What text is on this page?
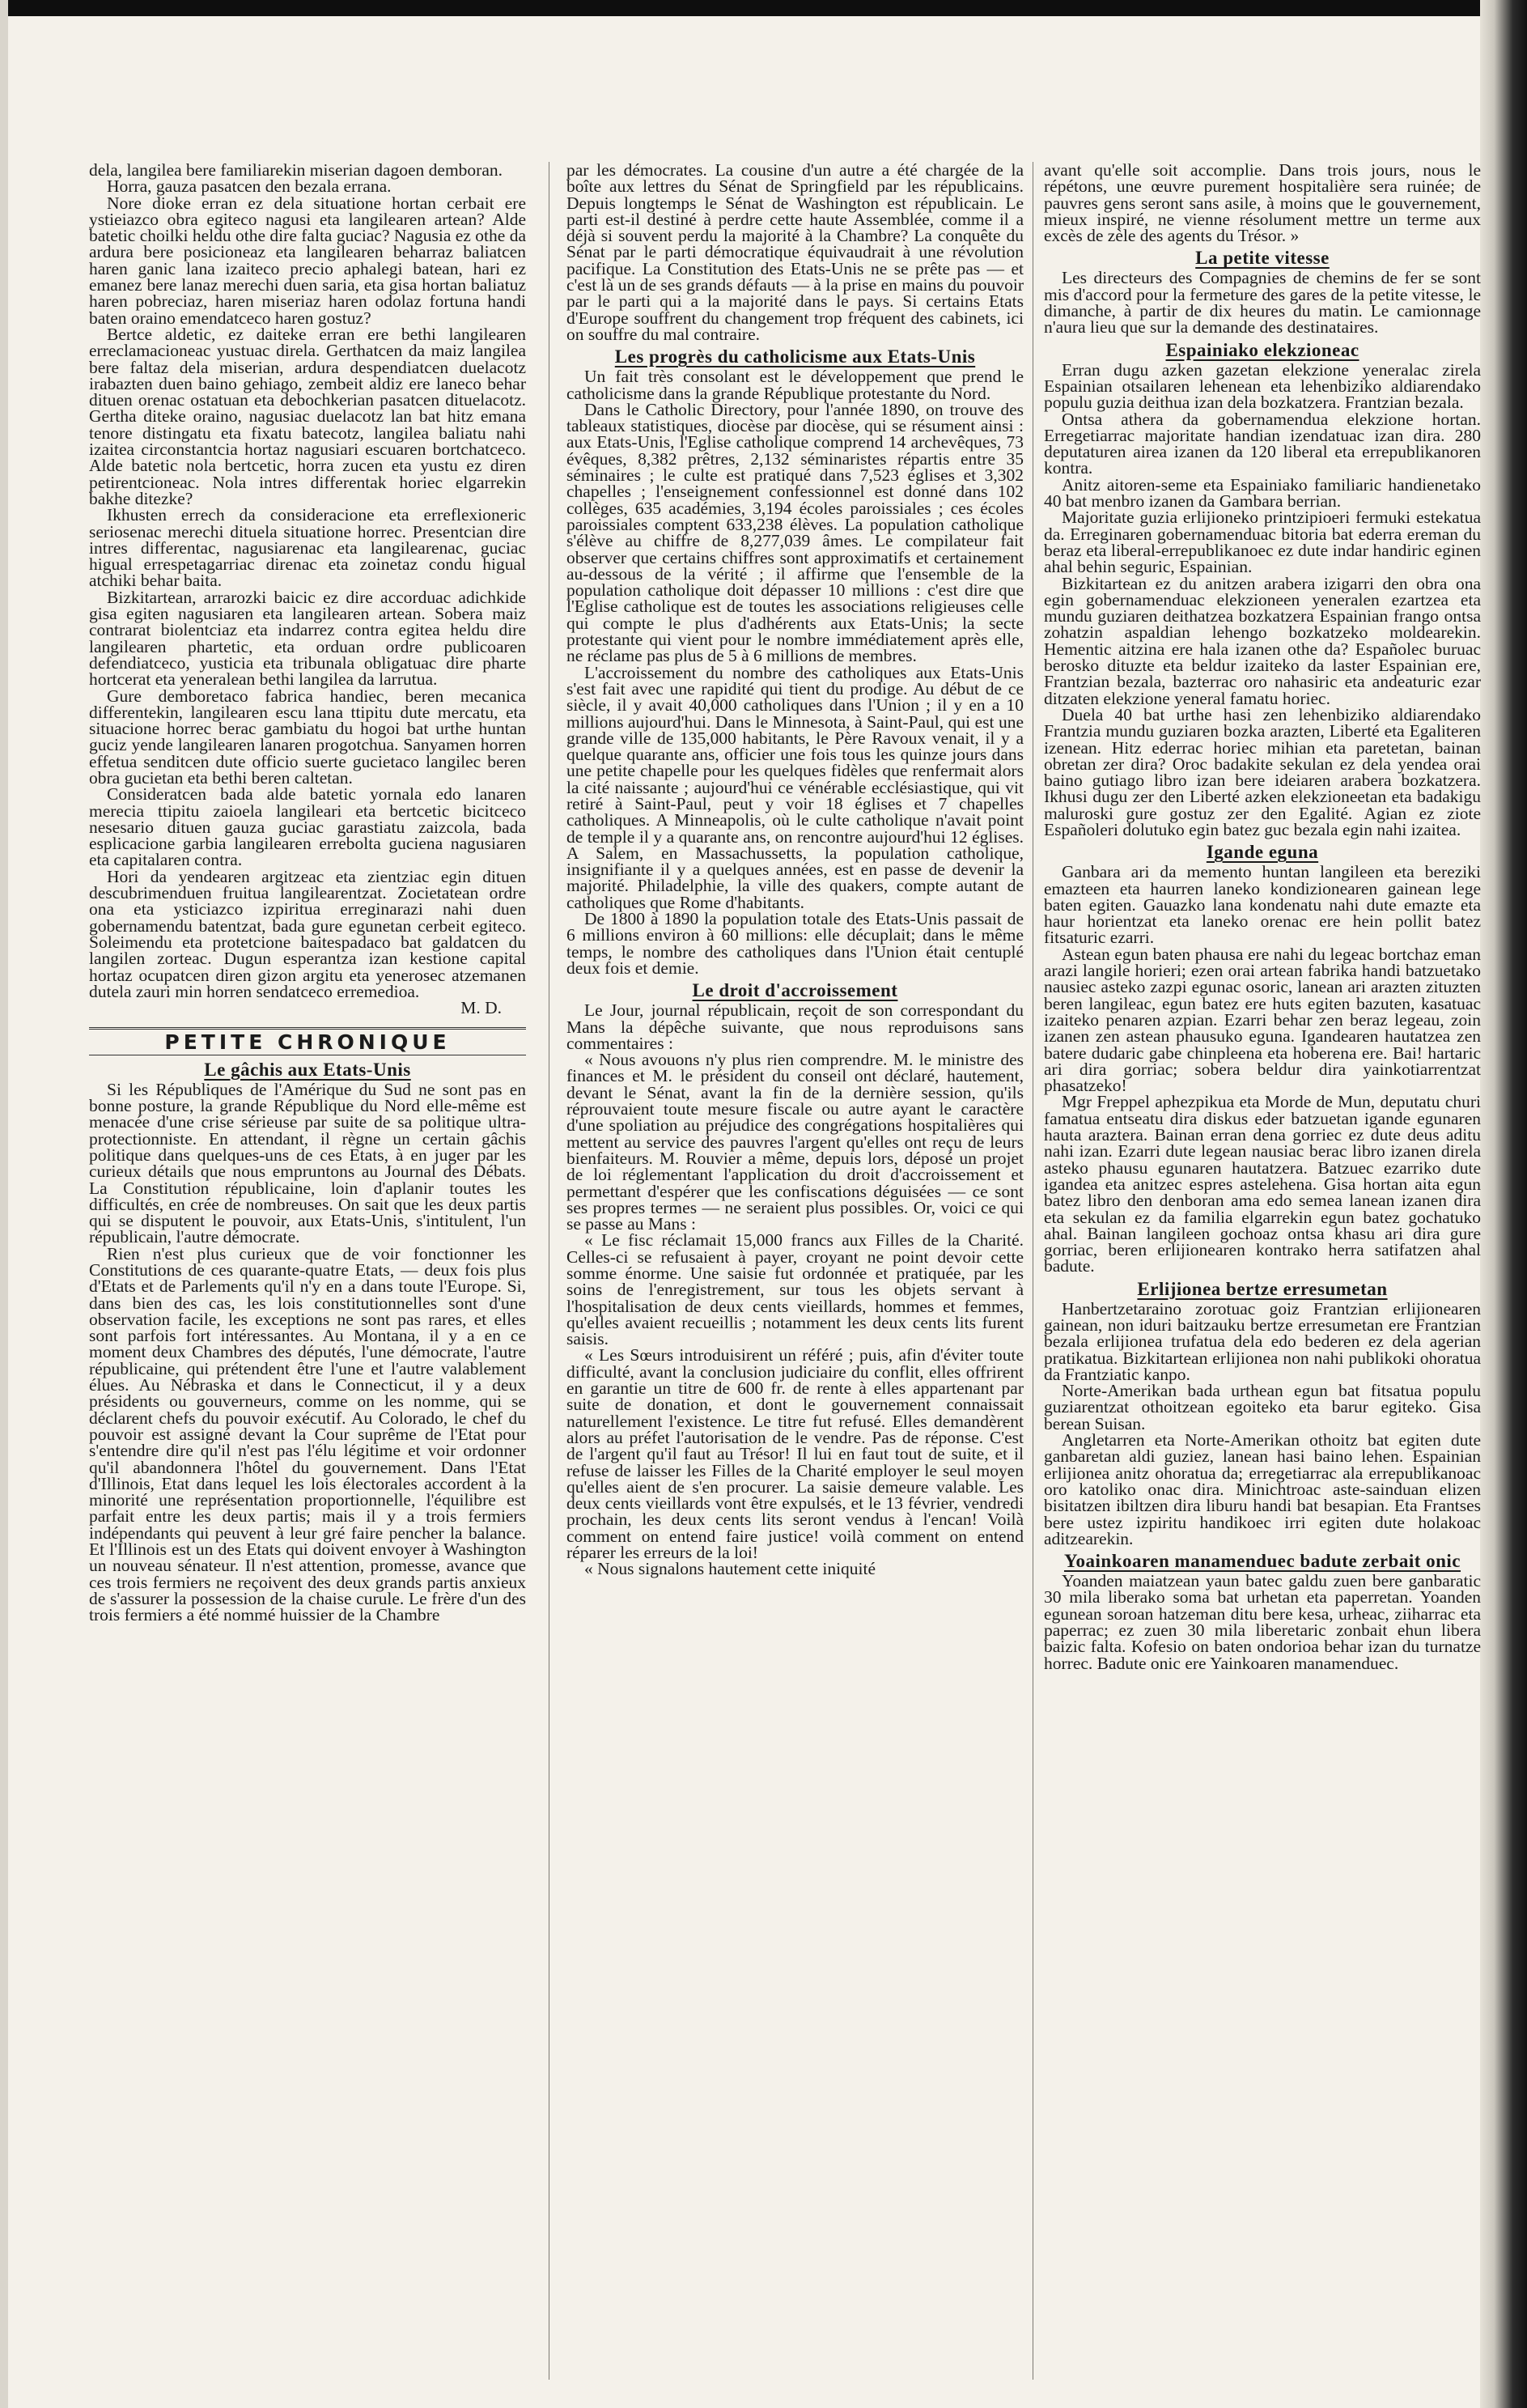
dela, langilea bere familiarekin miserian dagoen demboran.

Horra, gauza pasatcen den bezala errana.

Nore dioke erran ez dela situatione hortan cerbait ere ystieiazco obra egiteco nagusi eta langilearen artean? Alde batetic choilki heldu othe dire falta guciac? Nagusia ez othe da ardura bere posicioneaz eta langilearen beharraz baliatcen haren ganic lana izaiteco precio aphalegi batean, hari ez emanez bere lanaz merechi duen saria, eta gisa hortan baliatuz haren pobreciaz, haren miseriaz haren odolaz fortuna handi baten oraino emendatceco haren gostuz?

Bertce aldetic, ez daiteke erran ere bethi langilearen erreclamacioneac yustuac direla. Gerthatcen da maiz langilea bere faltaz dela miserian, ardura despendiatcen duelacotz irabazten duen baino gehiago, zembeit aldiz ere laneco behar dituen orenac ostatuan eta debochkerian pasatcen dituelacotz. Gertha diteke oraino, nagusiac duelacotz lan bat hitz emana tenore distingatu eta fixatu batecotz, langilea baliatu nahi izaitea circonstantcia hortaz nagusiari escuaren bortchatceco. Alde batetic nola bertcetic, horra zucen eta yustu ez diren petirentcioneac. Nola intres differentak horiec elgarrekin bakhe ditezke?

Ikhusten errech da consideracione eta erreflexioneric seriosenac merechi dituela situatione horrec. Presentcian dire intres differentac, nagusiarenac eta langilearenac, guciac higual errespetagarriac direnac eta zoinetaz condu higual atchiki behar baita.

Bizkitartean, arrarozki baicic ez dire accorduac adichkide gisa egiten nagusiaren eta langilearen artean. Sobera maiz contrarat biolentciaz eta indarrez contra egitea heldu dire langilearen phartetic, eta orduan ordre publicoaren defendiatceco, yusticia eta tribunala obligatuac dire pharte hortcerat eta yeneralean bethi langilea da larrutua.

Gure demboretaco fabrica handiec, beren mecanica differentekin, langilearen escu lana ttipitu dute mercatu, eta situacione horrec berac gambiatu du hogoi bat urthe huntan guciz yende langilearen lanaren progotchua. Sanyamen horren effetua senditcen dute officio suerte gucietaco langilec beren obra gucietan eta bethi beren caltetan.

Consideratcen bada alde batetic yornala edo lanaren merecia ttipitu zaioela langileari eta bertcetic bicitceco nesesario dituen gauza guciac garastiatu zaizcola, bada esplicacione garbia langilearen errebolta gucienа nagusiaren eta capitalaren contra.

Hori da yendearen argitzeac eta zientziac egin dituen descubrimenduen fruitua langilearentzat. Zocietatean ordre ona eta ysticiazco izpiritua erreginarazi nahi duen gobernamendu batentzat, bada gure egunetan cerbeit egiteco. Soleimendu eta protetcione baitespadaco bat galdatcen du langilen zorteac. Dugun esperantza izan kestione capital hortaz ocupatcen diren gizon argitu eta yenerosec atzemanen dutela zauri min horren sendatceco erremedioa.

M. D.

PETITE CHRONIQUE
Le gâchis aux Etats-Unis

Si les Républiques de l'Amérique du Sud ne sont pas en bonne posture, la grande République du Nord elle-même est menacée d'une crise sérieuse par suite de sa politique ultra-protectionniste. En attendant, il règne un certain gâchis politique dans quelques-uns de ces Etats, à en juger par les curieux détails que nous empruntons au Journal des Débats. La Constitution républicaine, loin d'aplanir toutes les difficultés, en crée de nombreuses. On sait que les deux partis qui se disputent le pouvoir, aux Etats-Unis, s'intitulent, l'un républicain, l'autre démocrate.

Rien n'est plus curieux que de voir fonctionner les Constitutions de ces quarante-quatre Etats, — deux fois plus d'Etats et de Parlements qu'il n'y en a dans toute l'Europe. Si, dans bien des cas, les lois constitutionnelles sont d'une observation facile, les exceptions ne sont pas rares, et elles sont parfois fort intéressantes. Au Montana, il y a en ce moment deux Chambres des députés, l'une démocrate, l'autre républicaine, qui prétendent être l'une et l'autre valablement élues. Au Nébraska et dans le Connecticut, il y a deux présidents ou gouverneurs, comme on les nomme, qui se déclarent chefs du pouvoir exécutif. Au Colorado, le chef du pouvoir est assigné devant la Cour suprême de l'Etat pour s'entendre dire qu'il n'est pas l'élu légitime et voir ordonner qu'il abandonnera l'hôtel du gouvernement. Dans l'Etat d'Illinois, Etat dans lequel les lois électorales accordent à la minorité une représentation proportionnelle, l'équilibre est parfait entre les deux partis; mais il y a trois fermiers indépendants qui peuvent à leur gré faire pencher la balance. Et l'Illinois est un des Etats qui doivent envoyer à Washington un nouveau sénateur. Il n'est attention, promesse, avance que ces trois fermiers ne reçoivent des deux grands partis anxieux de s'assurer la possession de la chaise curule. Le frère d'un des trois fermiers a été nommé huissier de la Chambre

par les démocrates. La cousine d'un autre a été chargée de la boîte aux lettres du Sénat de Springfield par les républicains. Depuis longtemps le Sénat de Washington est républicain. Le parti est-il destiné à perdre cette haute Assemblée, comme il a déjà si souvent perdu la majorité à la Chambre? La conquête du Sénat par le parti démocratique équivaudrait à une révolution pacifique. La Constitution des Etats-Unis ne se prête pas — et c'est là un de ses grands défauts — à la prise en mains du pouvoir par le parti qui a la majorité dans le pays. Si certains Etats d'Europe souffrent du changement trop fréquent des cabinets, ici on souffre du mal contraire.

Les progrès du catholicisme aux Etats-Unis

Un fait très consolant est le développement que prend le catholicisme dans la grande République protestante du Nord.

Dans le Catholic Directory, pour l'année 1890, on trouve des tableaux statistiques, diocèse par diocèse, qui se résument ainsi : aux Etats-Unis, l'Eglise catholique comprend 14 archevêques, 73 évêques, 8,382 prêtres, 2,132 séminaristes répartis entre 35 séminaires ; le culte est pratiqué dans 7,523 églises et 3,302 chapelles ; l'enseignement confessionnel est donné dans 102 collèges, 635 académies, 3,194 écoles paroissiales ; ces écoles paroissiales comptent 633,238 élèves. La population catholique s'élève au chiffre de 8,277,039 âmes. Le compilateur fait observer que certains chiffres sont approximatifs et certainement au-dessous de la vérité ; il affirme que l'ensemble de la population catholique doit dépasser 10 millions : c'est dire que l'Eglise catholique est de toutes les associations religieuses celle qui compte le plus d'adhérents aux Etats-Unis; la secte protestante qui vient pour le nombre immédiatement après elle, ne réclame pas plus de 5 à 6 millions de membres.

L'accroissement du nombre des catholiques aux Etats-Unis s'est fait avec une rapidité qui tient du prodige. Au début de ce siècle, il y avait 40,000 catholiques dans l'Union ; il y en a 10 millions aujourd'hui. Dans le Minnesota, à Saint-Paul, qui est une grande ville de 135,000 habitants, le Père Ravoux venait, il y a quelque quarante ans, officier une fois tous les quinze jours dans une petite chapelle pour les quelques fidèles que renfermait alors la cité naissante ; aujourd'hui ce vénérable ecclésiastique, qui vit retiré à Saint-Paul, peut y voir 18 églises et 7 chapelles catholiques. A Minneapolis, où le culte catholique n'avait point de temple il y a quarante ans, on rencontre aujourd'hui 12 églises. A Salem, en Massachussetts, la population catholique, insignifiante il y a quelques années, est en passe de devenir la majorité. Philadelphie, la ville des quakers, compte autant de catholiques que Rome d'habitants.

De 1800 à 1890 la population totale des Etats-Unis passait de 6 millions environ à 60 millions: elle décuplait; dans le même temps, le nombre des catholiques dans l'Union était centuplé deux fois et demie.

Le droit d'accroissement

Le Jour, journal républicain, reçoit de son correspondant du Mans la dépêche suivante, que nous reproduisons sans commentaires :

« Nous avouons n'y plus rien comprendre. M. le ministre des finances et M. le président du conseil ont déclaré, hautement, devant le Sénat, avant la fin de la dernière session, qu'ils réprouvaient toute mesure fiscale ou autre ayant le caractère d'une spoliation au préjudice des congrégations hospitalières qui mettent au service des pauvres l'argent qu'elles ont reçu de leurs bienfaiteurs. M. Rouvier a même, depuis lors, déposé un projet de loi réglementant l'application du droit d'accroissement et permettant d'espérer que les confiscations déguisées — ce sont ses propres termes — ne seraient plus possibles. Or, voici ce qui se passe au Mans :

« Le fisc réclamait 15,000 francs aux Filles de la Charité. Celles-ci se refusaient à payer, croyant ne point devoir cette somme énorme. Une saisie fut ordonnée et pratiquée, par les soins de l'enregistrement, sur tous les objets servant à l'hospitalisation de deux cents vieillards, hommes et femmes, qu'elles avaient recueillis ; notamment les deux cents lits furent saisis.

« Les Sœurs introduisirent un référé ; puis, afin d'éviter toute difficulté, avant la conclusion judiciaire du conflit, elles offrirent en garantie un titre de 600 fr. de rente à elles appartenant par suite de donation, et dont le gouvernement connaissait naturellement l'existence. Le titre fut refusé. Elles demandèrent alors au préfet l'autorisation de le vendre. Pas de réponse. C'est de l'argent qu'il faut au Trésor! Il lui en faut tout de suite, et il refuse de laisser les Filles de la Charité employer le seul moyen qu'elles aient de s'en procurer. La saisie demeure valable. Les deux cents vieillards vont être expulsés, et le 13 février, vendredi prochain, les deux cents lits seront vendus à l'encan! Voilà comment on entend faire justice! voilà comment on entend réparer les erreurs de la loi!

« Nous signalons hautement cette iniquité

avant qu'elle soit accomplie. Dans trois jours, nous le répétons, une œuvre purement hospitalière sera ruinée; de pauvres gens seront sans asile, à moins que le gouvernement, mieux inspiré, ne vienne résolument mettre un terme aux excès de zèle des agents du Trésor. »

La petite vitesse

Les directeurs des Compagnies de chemins de fer se sont mis d'accord pour la fermeture des gares de la petite vitesse, le dimanche, à partir de dix heures du matin. Le camionnage n'aura lieu que sur la demande des destinataires.

Espainiako elekzioneac

Erran dugu azken gazetan elekzione yeneralac zirela Espainian otsailaren lehenean eta lehenbiziko aldiarendako populu guzia deithua izan dela bozkatzera. Frantzian bezala.

Ontsa athera da gobernamendua elekzione hortan. Erregetiarrac majoritate handian izendatuac izan dira. 280 deputaturen airea izanen da 120 liberal eta errepublikanoren kontra.

Anitz aitoren-seme eta Espainiako familiaric handienetako 40 bat menbro izanen da Gambara berrian.

Majoritate guzia erlijioneko printzipioeri fermuki estekatua da. Erreginaren gobernamenduac bitoria bat ederra ereman du beraz eta liberal-errepublikanoec ez dute indar handiric eginen ahal behin seguric, Espainian.

Bizkitartean ez du anitzen arabera izigarri den obra ona egin gobernamenduac elekzioneen yeneralen ezartzea eta mundu guziaren deithatzea bozkatzera Espainian frango ontsa zohatzin aspaldian lehengo bozkatzeko moldearekin. Hementic aitzina ere hala izanen othe da? Españolec buruac berosko dituzte eta beldur izaiteko da laster Espainian ere, Frantzian bezala, bazterrac oro nahasiric eta andeaturic ezar ditzaten elekzione yeneral famatu horiec.

Duela 40 bat urthe hasi zen lehenbiziko aldiarendako Frantzia mundu guziaren bozka arazten, Liberté eta Egaliteren izenean. Hitz ederrac horiec mihian eta paretetan, bainan obretan zer dira? Oroc badakite sekulan ez dela yendea orai baino gutiago libro izan bere ideiaren arabera bozkatzera. Ikhusi dugu zer den Liberté azken elekzioneetan eta badakigu maluroski gure gostuz zer den Egalité. Agian ez ziote Españoleri dolutuko egin batez guc bezala egin nahi izaitea.

Igande eguna

Ganbara ari da memento huntan langileen eta bereziki emazteen eta haurren laneko kondizionearen gainean lege baten egiten. Gauazko lana kondenatu nahi dute emazte eta haur horientzat eta laneko orenac ere hein pollit batez fitsaturic ezarri.

Astean egun baten phausa ere nahi du legeac bortchaz eman arazi langile horieri; ezen orai artean fabrika handi batzuetako nausiec asteko zazpi egunac osoric, lanean ari arazten zituzten beren langileac, egun batez ere huts egiten bazuten, kasatuac izaiteko penaren azpian. Ezarri behar zen beraz legeau, zoin izanen zen astean phausuko eguna. Igandearen hautatzea zen batere dudaric gabe chinpleena eta hoberena ere. Bai! hartaric ari dira gorriac; sobera beldur dira yainkotiarrentzat phasatzeko!

Mgr Freppel aphezpikua eta Morde de Mun, deputatu churi famatua entseatu dira diskus eder batzuetan igande egunaren hauta araztera. Bainan erran dena gorriec ez dute deus aditu nahi izan. Ezarri dute legean nausiac berac libro izanen direla asteko phausu egunaren hautatzera. Batzuec ezarriko dute igandea eta anitzec espres astelehena. Gisa hortan aita egun batez libro den denboran ama edo semea lanean izanen dira eta sekulan ez da familia elgarrekin egun batez gochatuko ahal. Bainan langileen gochoaz ontsa khasu ari dira gure gorriac, beren erlijionearen kontrako herra satifatzen ahal badute.

Erlijionea bertze erresumetan

Hanbertzetaraino zorotuac goiz Frantzian erlijionearen gainean, non iduri baitzauku bertze erresumetan ere Frantzian bezala erlijionea trufatua dela edo bederen ez dela agerian pratikatua. Bizkitartean erlijionea non nahi publikoki ohoratua da Frantziatic kanpo.

Norte-Amerikan bada urthean egun bat fitsatua populu guziarentzat othoitzean egoiteko eta barur egiteko. Gisa berean Suisan.

Angletarren eta Norte-Amerikan othoitz bat egiten dute ganbaretan aldi guziez, lanean hasi baino lehen. Espainian erlijionea anitz ohoratua da; erregetiarrac ala errepublikanoac oro katoliko onac dira. Minichtroac aste-sainduan elizen bisitatzen ibiltzen dira liburu handi bat besapian. Eta Frantses bere ustez izpiritu handikoec irri egiten dute holakoac aditzearekin.

Yoainkoaren manamenduec badute zerbait onic

Yoanden maiatzean yaun batec galdu zuen bere ganbaratic 30 mila liberako soma bat urhetan eta paperretan. Yoanden egunean soroan hatzeman ditu bere kesa, urheac, ziiharrac eta paperrac; ez zuen 30 mila liberetaric zonbait ehun libera baizic falta. Kofesio on baten ondorioa behar izan du turnatze horrec. Badute onic ere Yainkoaren manamenduec.
